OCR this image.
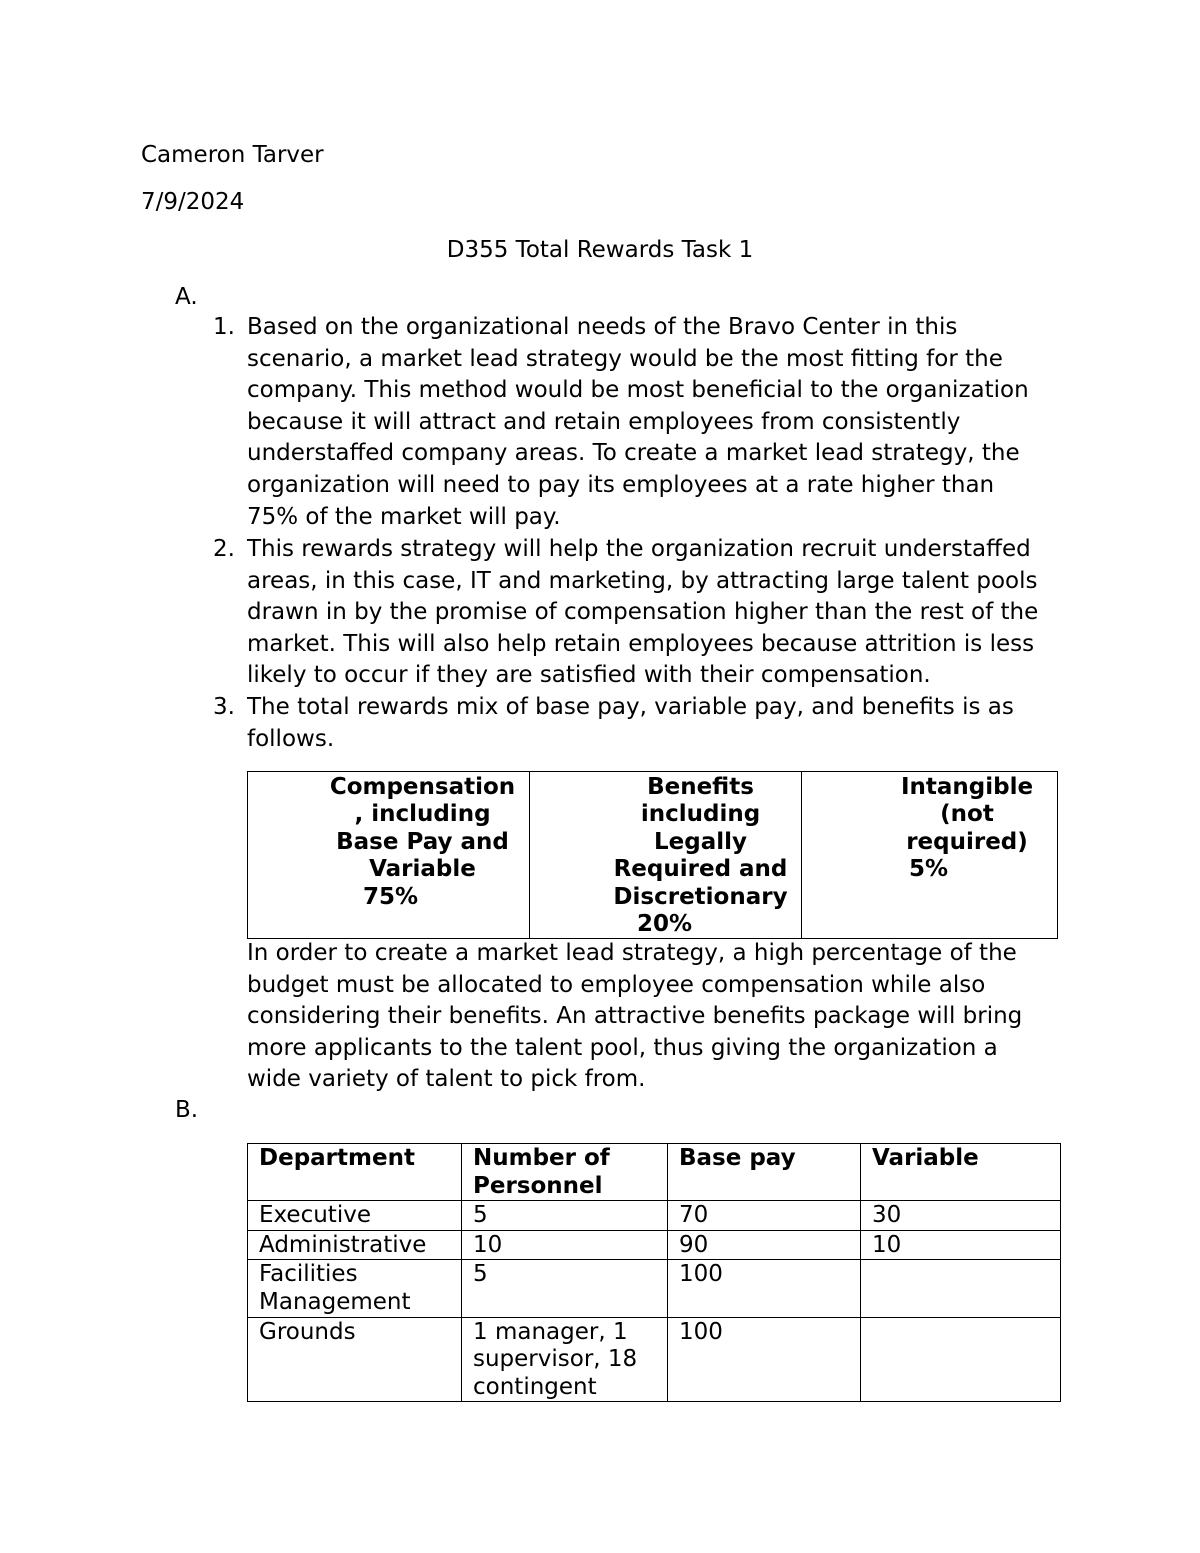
Cameron Tarver

7/9/2024

D355 Total Rewards Task 1

A.

1. Based on the organizational needs of the Bravo Center in this
scenario, a market lead strategy would be the most fitting for the
company. This method would be most beneficial to the organization
because it will attract and retain employees from consistently
understaffed company areas. To create a market lead strategy, the
organization will need to pay its employees at a rate higher than
75% of the market will pay.

2. This rewards strategy will help the organization recruit understaffed
areas, in this case, IT and marketing, by attracting large talent pools
drawn in by the promise of compensation higher than the rest of the
market. This will also help retain employees because attrition is less
likely to occur if they are satisfied with their compensation.

3. The total rewards mix of base pay, variable pay, and benefits is as
follows.
Compensation
, including
Base Pay and
Variable
75%

Benefits
including
Legally
Required and
Discretionary
20%

Intangible
(not
required)
5%
In order to create a market lead strategy, a high percentage of the
budget must be allocated to employee compensation while also
considering their benefits. An attractive benefits package will bring
more applicants to the talent pool, thus giving the organization a
wide variety of talent to pick from.

B.

Department	Number of
Personnel	Base pay	Variable

Executive	5	70	30

Administrative	10	90	10

Facilities
Management	5	100	

Grounds	1 manager, 1
supervisor, 18
contingent	100	
